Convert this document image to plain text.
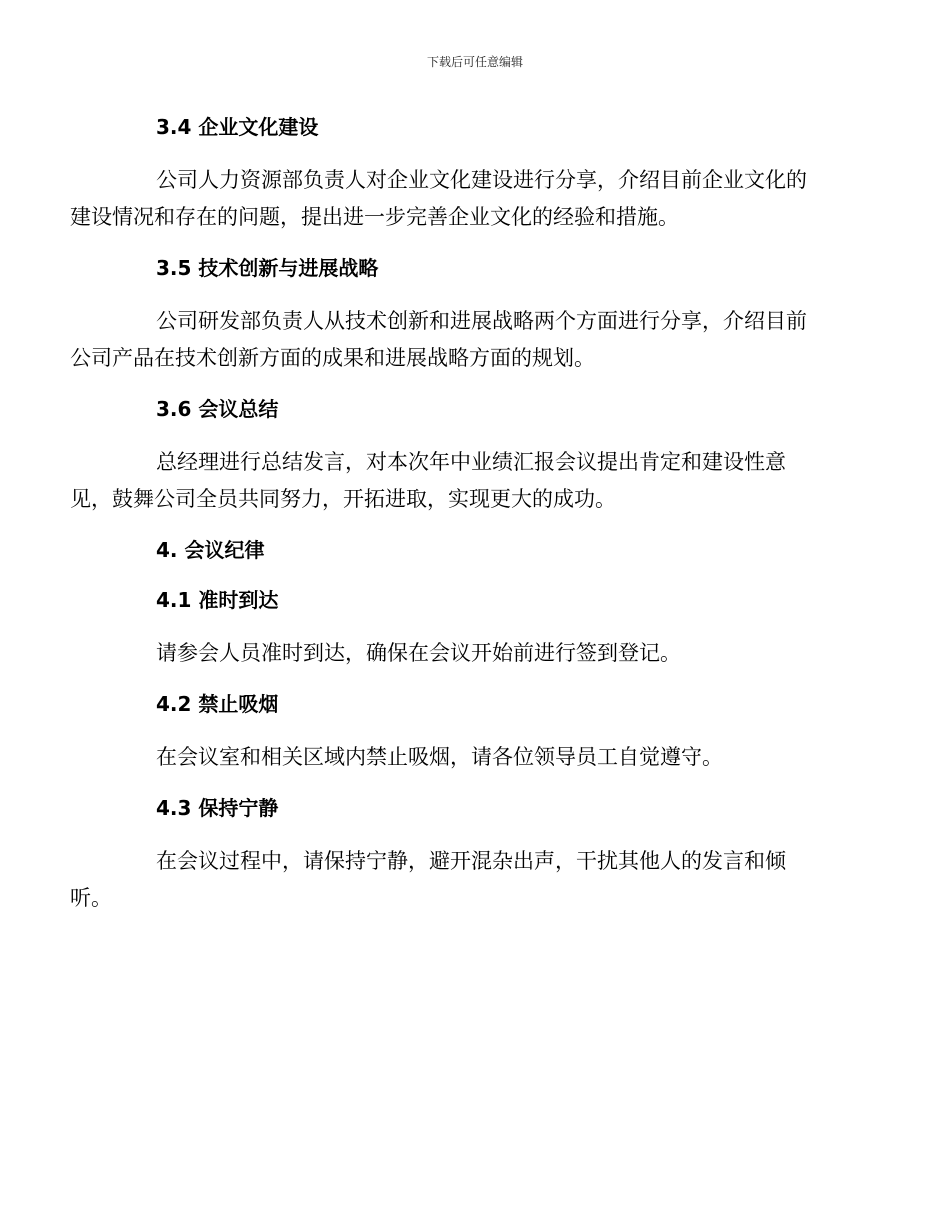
下载后可任意编辑
3.4 企业文化建设
公司人力资源部负责人对企业文化建设进行分享，介绍目前企业文化的
建设情况和存在的问题，提出进一步完善企业文化的经验和措施。
3.5 技术创新与进展战略
公司研发部负责人从技术创新和进展战略两个方面进行分享，介绍目前
公司产品在技术创新方面的成果和进展战略方面的规划。
3.6 会议总结
总经理进行总结发言，对本次年中业绩汇报会议提出肯定和建设性意
见，鼓舞公司全员共同努力，开拓进取，实现更大的成功。
4. 会议纪律
4.1 准时到达
请参会人员准时到达，确保在会议开始前进行签到登记。
4.2 禁止吸烟
在会议室和相关区域内禁止吸烟，请各位领导员工自觉遵守。
4.3 保持宁静
在会议过程中，请保持宁静，避开混杂出声，干扰其他人的发言和倾
听。
